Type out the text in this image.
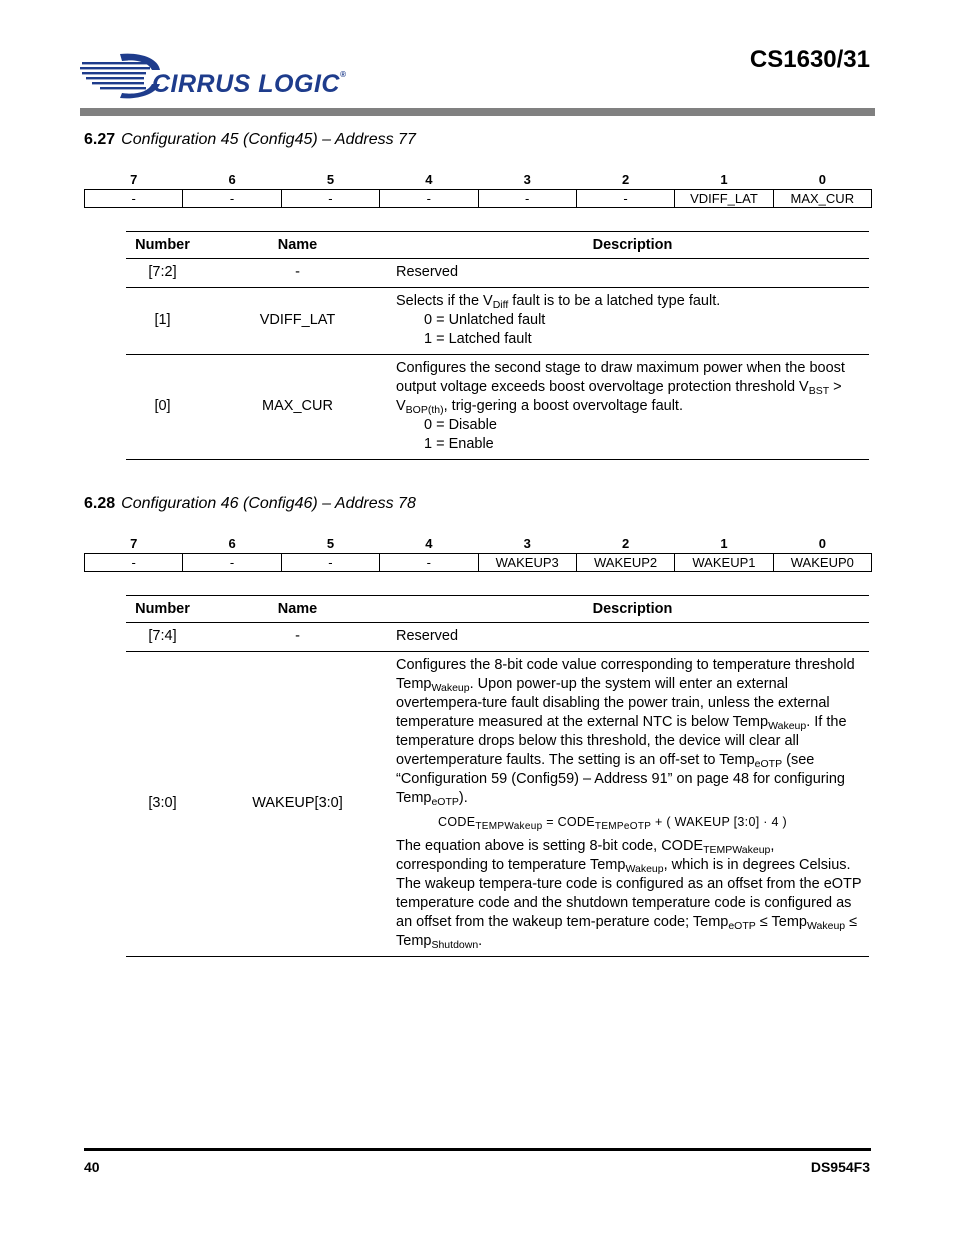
CIRRUS LOGIC®
CS1630/31
6.27 Configuration 45 (Config45) – Address 77
7	6	5	4	3	2	1	0
-	-	-	-	-	-	VDIFF_LAT	MAX_CUR
Number	Name	Description
[7:2]	-	Reserved
[1]	VDIFF_LAT	Selects if the $V_{Diff}$ fault is to be a latched type fault.
0 = Unlatched fault
1 = Latched fault

[0]	MAX_CUR	Configures the second stage to draw maximum power when the boost output voltage exceeds boost overvoltage protection threshold $V_{BST} > V_{BOP(th)}$, trig-gering a boost overvoltage fault.
0 = Disable
1 = Enable
6.28 Configuration 46 (Config46) – Address 78
7	6	5	4	3	2	1	0
-	-	-	-	WAKEUP3	WAKEUP2	WAKEUP1	WAKEUP0
Number	Name	Description
[7:4]	-	Reserved
[3:0]	WAKEUP[3:0]	Configures the 8-bit code value corresponding to temperature threshold Temp$_{Wakeup}$. Upon power-up the system will enter an external overtempera-ture fault disabling the power train, unless the external temperature measured at the external NTC is below Temp$_{Wakeup}$. If the temperature drops below this threshold, the device will clear all overtemperature faults. The setting is an off-set to Temp$_{eOTP}$ (see “Configuration 59 (Config59) – Address 91” on page 48 for configuring Temp$_{eOTP}$).
$CODE_{TEMPWakeup}$ = $CODE_{TEMPeOTP}$ + ( WAKEUP [3:0] · 4 )
The equation above is setting 8-bit code, $CODE_{TEMPWakeup}$, corresponding to temperature Temp$_{Wakeup}$, which is in degrees Celsius. The wakeup tempera-ture code is configured as an offset from the eOTP temperature code and the shutdown temperature code is configured as an offset from the wakeup tem-perature code; Temp$_{eOTP}$ ≤ Temp$_{Wakeup}$ ≤ Temp$_{Shutdown}$.
40	DS954F3
